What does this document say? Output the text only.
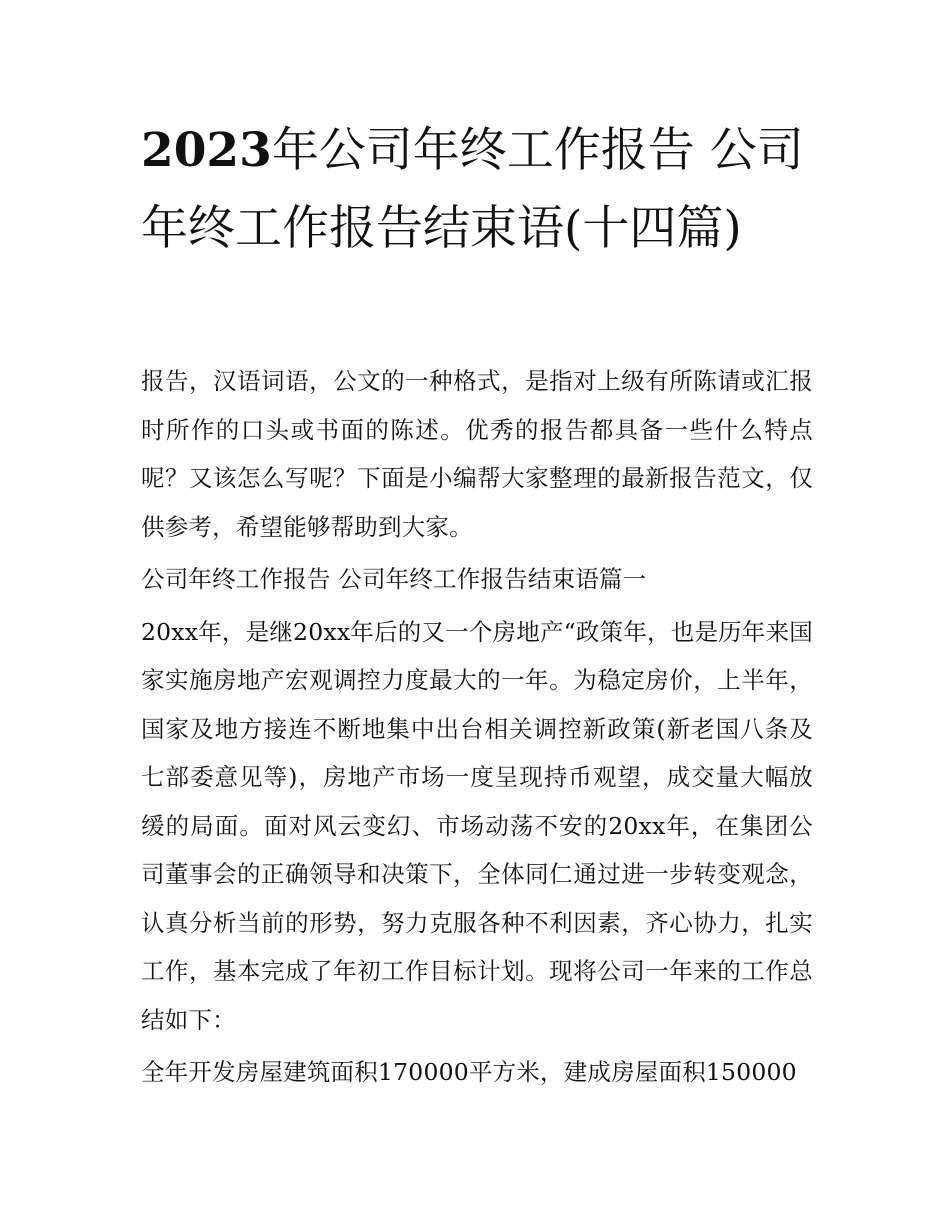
2023年公司年终工作报告 公司年终工作报告结束语(十四篇)

报告，汉语词语，公文的一种格式，是指对上级有所陈请或汇报时所作的口头或书面的陈述。优秀的报告都具备一些什么特点呢？又该怎么写呢？下面是小编帮大家整理的最新报告范文，仅供参考，希望能够帮助到大家。

公司年终工作报告 公司年终工作报告结束语篇一

20xx年，是继20xx年后的又一个房地产“政策年，也是历年来国家实施房地产宏观调控力度最大的一年。为稳定房价，上半年，国家及地方接连不断地集中出台相关调控新政策(新老国八条及七部委意见等)，房地产市场一度呈现持币观望，成交量大幅放缓的局面。面对风云变幻、市场动荡不安的20xx年，在集团公司董事会的正确领导和决策下，全体同仁通过进一步转变观念，认真分析当前的形势，努力克服各种不利因素，齐心协力，扎实工作，基本完成了年初工作目标计划。现将公司一年来的工作总结如下：

全年开发房屋建筑面积170000平方米，建成房屋面积150000
